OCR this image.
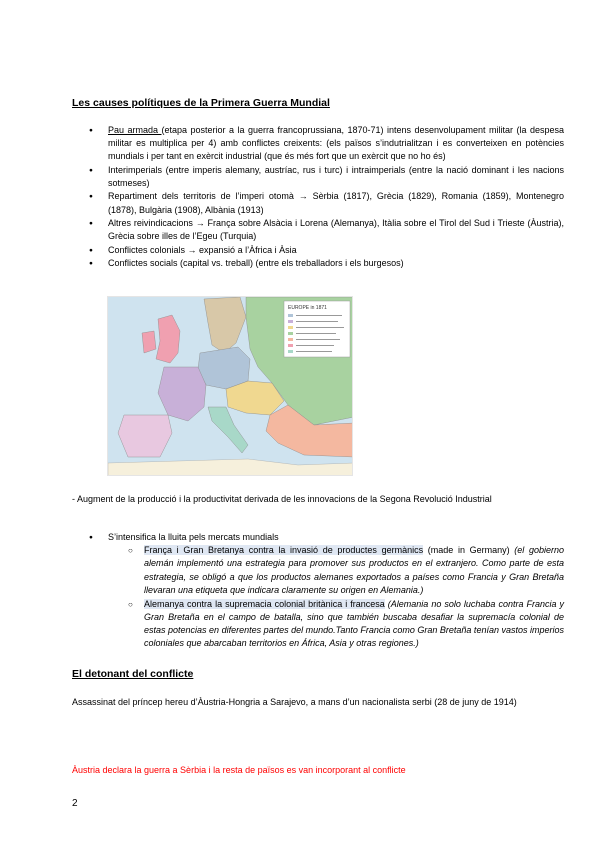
Les causes polítiques de la Primera Guerra Mundial

● Pau armada (etapa posterior a la guerra francoprussiana, 1870-71) intens desenvolupament militar (la despesa militar es multiplica per 4) amb conflictes creixents: (els països s’indutrialitzan i es converteixen en potències mundials i per tant en exèrcit industrial (que és més fort que un exèrcit que no ho és)
● Interimperials (entre imperis alemany, austríac, rus i turc) i intraimperials (entre la nació dominant i les nacions sotmeses)
● Repartiment dels territoris de l’imperi otomà → Sèrbia (1817), Grècia (1829), Romania (1859), Montenegro (1878), Bulgària (1908), Albània (1913)
● Altres reivindicacions → França sobre Alsàcia i Lorena (Alemanya), Itàlia sobre el Tirol del Sud i Trieste (Àustria), Grècia sobre illes de l’Egeu (Turquia)
● Conflictes colonials → expansió a l’Àfrica i Àsia
● Conflictes socials (capital vs. treball) (entre els treballadors i els burgesos)
EUROPE in 1871

- Augment de la producció i la productivitat derivada de les innovacions de la Segona Revolució Industrial

● S’intensifica la lluita pels mercats mundials
○ França i Gran Bretanya contra la invasió de productes germànics (made in Germany) (el gobierno alemán implementó una estrategia para promover sus productos en el extranjero. Como parte de esta estrategia, se obligó a que los productos alemanes exportados a países como Francia y Gran Bretaña llevaran una etiqueta que indicara claramente su origen en Alemania.)
○ Alemanya contra la supremacia colonial britànica i francesa (Alemania no solo luchaba contra Francia y Gran Bretaña en el campo de batalla, sino que también buscaba desafiar la supremacía colonial de estas potencias en diferentes partes del mundo.Tanto Francia como Gran Bretaña tenían vastos imperios coloniales que abarcaban territorios en África, Asia y otras regiones.)

El detonant del conflicte

Assassinat del príncep hereu d’Àustria-Hongria a Sarajevo, a mans d’un nacionalista serbi (28 de juny de 1914)

Àustria declara la guerra a Sèrbia i la resta de països es van incorporant al conflicte

2
